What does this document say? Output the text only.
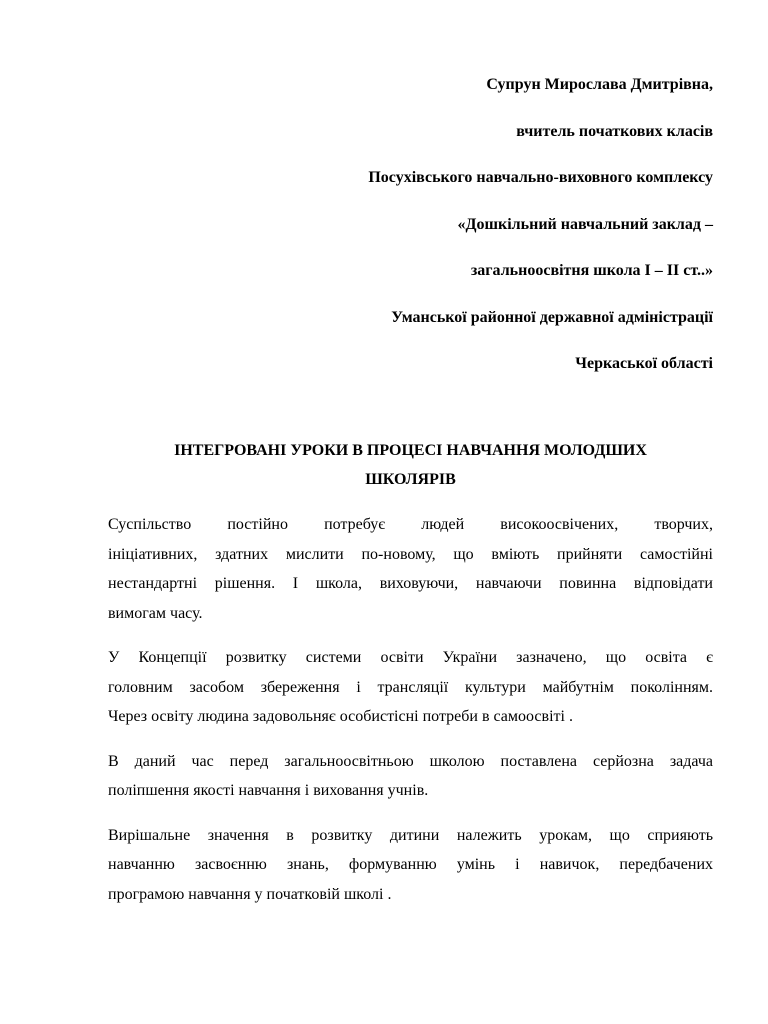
Супрун Мирослава Дмитрівна,
вчитель початкових класів
Посухівського навчально-виховного комплексу
«Дошкільний навчальний заклад –
загальноосвітня школа І – ІІ ст..»
Уманської районної державної адміністрації
Черкаської області
ІНТЕГРОВАНІ УРОКИ В ПРОЦЕСІ НАВЧАННЯ МОЛОДШИХ
ШКОЛЯРІВ

Суспільство постійно потребує людей високоосвічених, творчих,
ініціативних, здатних мислити по-новому, що вміють прийняти самостійні
нестандартні рішення. І школа, виховуючи, навчаючи повинна відповідати
вимогам часу.

У Концепції розвитку системи освіти України зазначено, що освіта є
головним засобом збереження і трансляції культури майбутнім поколінням.
Через освіту людина задовольняє особистісні потреби в самоосвіті .

В даний час перед загальноосвітньою школою поставлена серйозна задача
поліпшення якості навчання і виховання учнів.

Вирішальне значення в розвитку дитини належить урокам, що сприяють
навчанню засвоєнню знань, формуванню умінь і навичок, передбачених
програмою навчання у початковій школі .
